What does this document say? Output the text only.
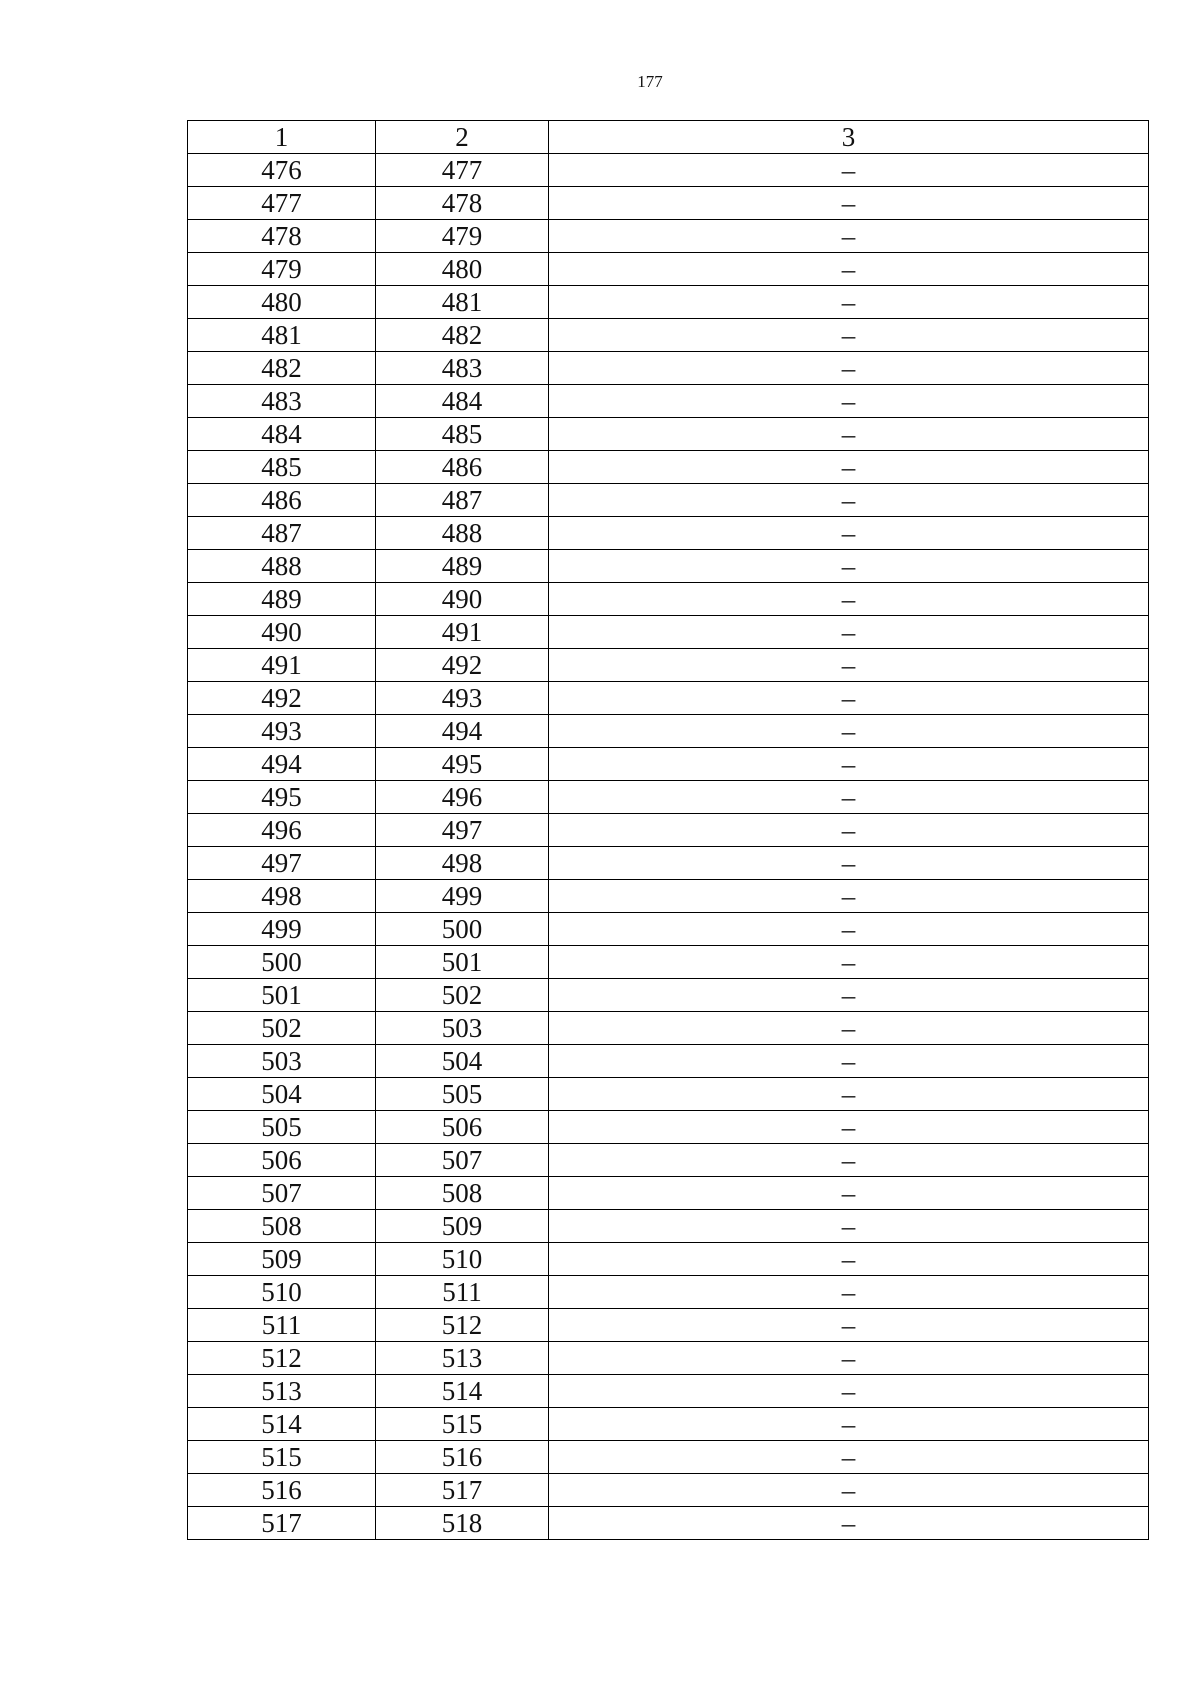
177
1	2	3
476	477	–
477	478	–
478	479	–
479	480	–
480	481	–
481	482	–
482	483	–
483	484	–
484	485	–
485	486	–
486	487	–
487	488	–
488	489	–
489	490	–
490	491	–
491	492	–
492	493	–
493	494	–
494	495	–
495	496	–
496	497	–
497	498	–
498	499	–
499	500	–
500	501	–
501	502	–
502	503	–
503	504	–
504	505	–
505	506	–
506	507	–
507	508	–
508	509	–
509	510	–
510	511	–
511	512	–
512	513	–
513	514	–
514	515	–
515	516	–
516	517	–
517	518	–
